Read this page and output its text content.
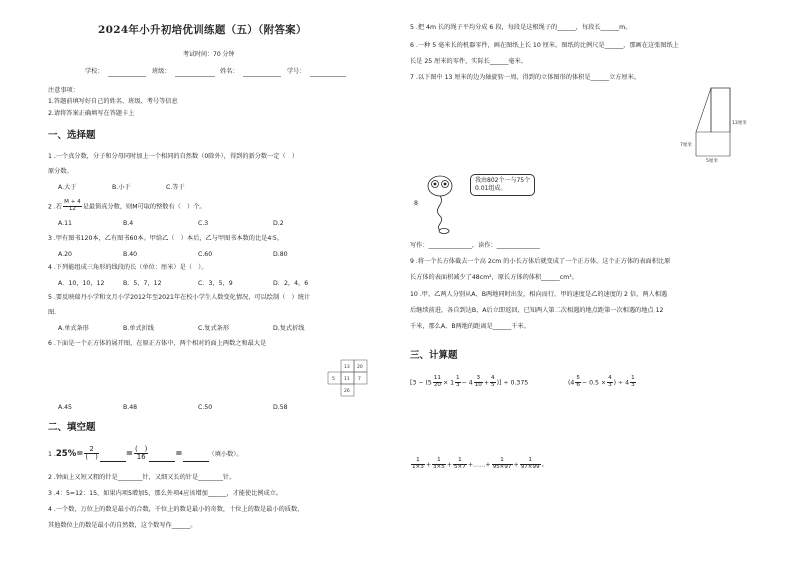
2024年小升初培优训练题（五）（附答案）
考试时间：70 分钟
学校：	班级：	姓名：	学号：
注意事项：
1.答题前填写好自己的姓名、班级、考号等信息
2.请将答案正确填写在答题卡上
一、选择题
1 .一个真分数，分子和分母同时加上一个相同的自然数（0除外），得到的新分数一定（　）
原分数。
A.大于	B.小于	C.等于
2 .若 $\frac{M + 4}{12}$ 是最简真分数，则M可取的整数有（　）个。
A.11	B.4	C.3	D.2
3 .甲有图书120本，乙有图书60本。甲给乙（　）本后，乙与甲图书本数的比是4∶5。
A.20	B.40	C.60	D.80
4 .下列能组成三角形的线段的长（单位：厘米）是（　）。
A．10，10，12	B．5，7，12	C．3，5，9	D．2，4，6
5 .要反映瑞丹小学和文月小学2012年至2021年在校小学生人数变化情况，可以绘制（　）统计
图.
A.单式条形	B.单式折线	C.复式条形	D.复式折线
6 .下面是一个正方体的展开图，在原正方体中，两个相对的面上两数之和最大是
13 20
5 11 7
26
A.45	B.48	C.50	D.58
二、填空题
1 $.25\%= \frac{2}{( )}$	= $\frac{( )}{16}$	=	（填小数）。
2 .钟面上又短又粗的针是________针，又细又长的针是________针。
3 .4：5=12：15，如果内项5增加5，那么外项4应该增加______，才能使比例成立。
4 .一个数，万位上的数是最小的合数，千位上的数是最小的奇数，十位上的数是最小的质数，
其他数位上的数是最小的自然数，这个数写作______。
5 .把 4m 长的绳子平均分成 6 段，每段是这根绳子的______，每段长______m。
6 .一种 5 毫米长的机器零件，画在图纸上长 10 厘米。图纸的比例尺是______，那画在这张图纸上
长是 25 厘米的零件，实际长______毫米。
7 .以下图中 13 厘米的边为轴旋转一周，得到的立体图形的体积是______立方厘米。
13厘米
7厘米
5厘米
8
我由802个一与75个
0.01组成。
写作：______________，读作：______________
9 .将一个长方体截去一个高 2cm 的小长方体后就变成了一个正方体，这个正方体的表面积比原
长方体的表面积减少了48cm²，原长方体的体积______cm³。
10 .甲、乙两人分别从A、B两地同时出发，相向而行，甲的速度是乙的速度的 2 倍，两人相遇
后继续前进，各自到达B、A后立即返回，已知两人第二次相遇的地点距第一次相遇的地点 12
千米，那么A、B两地的距离是______千米。
三、计算题
[$3 - (5 \frac{11}{20} \times 1 \frac{1}{3} - 4 \frac{3}{10} + \frac{4}{5}$ )] ÷ 0.375	($4 \frac{5}{6} - 0.5 \times \frac{4}{3}$ ) ÷ $4 \frac{1}{3}$
$\frac{1}{1\times 3} + \frac{1}{3\times 5} + \frac{1}{5\times 7}$ +……+ $\frac{1}{95\times 97} + \frac{1}{97\times 99}$ 。
